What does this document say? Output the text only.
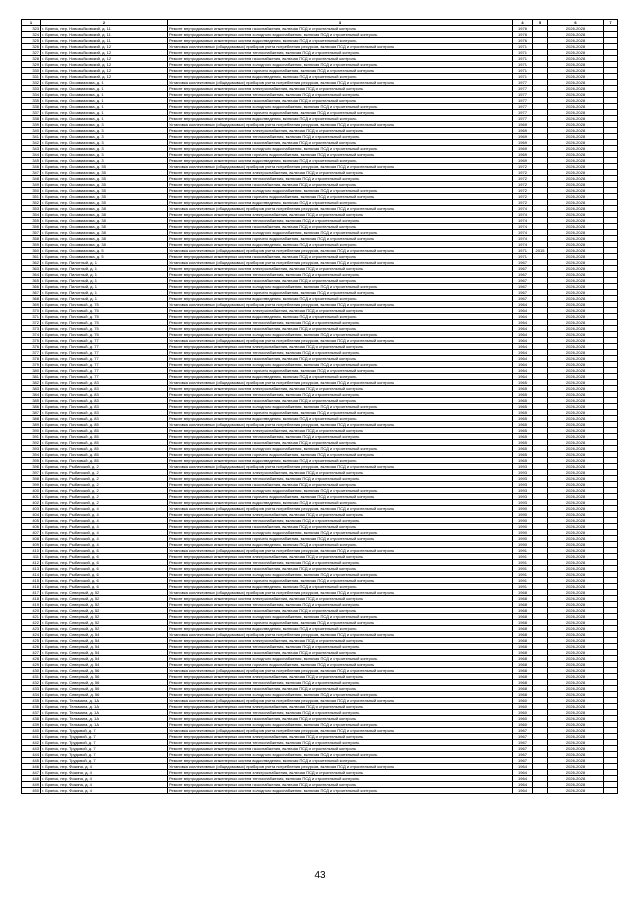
1	2	3	4	5	6	7
323	г. Брянск, пер. Новозыбковский, д. 11	Ремонт внутридомовых инженерных систем газоснабжения, включая ПСД и строительный контроль	1976		2026-2028	
324	г. Брянск, пер. Новозыбковский, д. 11	Ремонт внутридомовых инженерных систем холодного водоснабжения, включая ПСД и строительный контроль	1976		2026-2028	
325	г. Брянск, пер. Новозыбковский, д. 11	Ремонт внутридомовых инженерных систем водоотведения, включая ПСД и строительный контроль	1976		2026-2028	
326	г. Брянск, пер. Новозыбковский, д. 12	Установка коллективных (общедомовых) приборов учета потребления ресурсов, включая ПСД и строительный контроль	1971		2026-2028	
327	г. Брянск, пер. Новозыбковский, д. 12	Ремонт внутридомовых инженерных систем теплоснабжения, включая ПСД и строительный контроль	1971		2026-2028	
328	г. Брянск, пер. Новозыбковский, д. 12	Ремонт внутридомовых инженерных систем газоснабжения, включая ПСД и строительный контроль	1971		2026-2028	
329	г. Брянск, пер. Новозыбковский, д. 12	Ремонт внутридомовых инженерных систем холодного водоснабжения, включая ПСД и строительный контроль	1971		2026-2028	
330	г. Брянск, пер. Новозыбковский, д. 12	Ремонт внутридомовых инженерных систем горячего водоснабжения, включая ПСД и строительный контроль	1971		2026-2028	
331	г. Брянск, пер. Новозыбковский, д. 12	Ремонт внутридомовых инженерных систем водоотведения, включая ПСД и строительный контроль	1971		2026-2028	
332	г. Брянск, пер. Осоавиахима, д. 1	Установка коллективных (общедомовых) приборов учета потребления ресурсов, включая ПСД и строительный контроль	1977		2026-2028	
333	г. Брянск, пер. Осоавиахима, д. 1	Ремонт внутридомовых инженерных систем электроснабжения, включая ПСД и строительный контроль	1977		2026-2028	
334	г. Брянск, пер. Осоавиахима, д. 1	Ремонт внутридомовых инженерных систем теплоснабжения, включая ПСД и строительный контроль	1977		2026-2028	
335	г. Брянск, пер. Осоавиахима, д. 1	Ремонт внутридомовых инженерных систем газоснабжения, включая ПСД и строительный контроль	1977		2026-2028	
336	г. Брянск, пер. Осоавиахима, д. 1	Ремонт внутридомовых инженерных систем холодного водоснабжения, включая ПСД и строительный контроль	1977		2026-2028	
337	г. Брянск, пер. Осоавиахима, д. 1	Ремонт внутридомовых инженерных систем горячего водоснабжения, включая ПСД и строительный контроль	1977		2026-2028	
338	г. Брянск, пер. Осоавиахима, д. 1	Ремонт внутридомовых инженерных систем водоотведения, включая ПСД и строительный контроль	1977		2026-2028	
339	г. Брянск, пер. Осоавиахима, д. 3	Установка коллективных (общедомовых) приборов учета потребления ресурсов, включая ПСД и строительный контроль	1969		2026-2028	
340	г. Брянск, пер. Осоавиахима, д. 3	Ремонт внутридомовых инженерных систем электроснабжения, включая ПСД и строительный контроль	1969		2026-2028	
341	г. Брянск, пер. Осоавиахима, д. 3	Ремонт внутридомовых инженерных систем теплоснабжения, включая ПСД и строительный контроль	1969		2026-2028	
342	г. Брянск, пер. Осоавиахима, д. 3	Ремонт внутридомовых инженерных систем газоснабжения, включая ПСД и строительный контроль	1969		2026-2028	
343	г. Брянск, пер. Осоавиахима, д. 3	Ремонт внутридомовых инженерных систем холодного водоснабжения, включая ПСД и строительный контроль	1969		2026-2028	
344	г. Брянск, пер. Осоавиахима, д. 3	Ремонт внутридомовых инженерных систем горячего водоснабжения, включая ПСД и строительный контроль	1969		2026-2028	
345	г. Брянск, пер. Осоавиахима, д. 3	Ремонт внутридомовых инженерных систем водоотведения, включая ПСД и строительный контроль	1969		2026-2028	
346	г. Брянск, пер. Осоавиахима, д. 35	Установка коллективных (общедомовых) приборов учета потребления ресурсов, включая ПСД и строительный контроль	1972		2026-2028	
347	г. Брянск, пер. Осоавиахима, д. 35	Ремонт внутридомовых инженерных систем электроснабжения, включая ПСД и строительный контроль	1972		2026-2028	
348	г. Брянск, пер. Осоавиахима, д. 35	Ремонт внутридомовых инженерных систем теплоснабжения, включая ПСД и строительный контроль	1972		2026-2028	
349	г. Брянск, пер. Осоавиахима, д. 35	Ремонт внутридомовых инженерных систем газоснабжения, включая ПСД и строительный контроль	1972		2026-2028	
350	г. Брянск, пер. Осоавиахима, д. 35	Ремонт внутридомовых инженерных систем холодного водоснабжения, включая ПСД и строительный контроль	1972		2026-2028	
351	г. Брянск, пер. Осоавиахима, д. 35	Ремонт внутридомовых инженерных систем горячего водоснабжения, включая ПСД и строительный контроль	1972		2026-2028	
352	г. Брянск, пер. Осоавиахима, д. 35	Ремонт внутридомовых инженерных систем водоотведения, включая ПСД и строительный контроль	1972		2026-2028	
353	г. Брянск, пер. Осоавиахима, д. 38	Установка коллективных (общедомовых) приборов учета потребления ресурсов, включая ПСД и строительный контроль	1974		2026-2028	
354	г. Брянск, пер. Осоавиахима, д. 38	Ремонт внутридомовых инженерных систем электроснабжения, включая ПСД и строительный контроль	1974		2026-2028	
355	г. Брянск, пер. Осоавиахима, д. 38	Ремонт внутридомовых инженерных систем теплоснабжения, включая ПСД и строительный контроль	1974		2026-2028	
356	г. Брянск, пер. Осоавиахима, д. 38	Ремонт внутридомовых инженерных систем газоснабжения, включая ПСД и строительный контроль	1974		2026-2028	
357	г. Брянск, пер. Осоавиахима, д. 38	Ремонт внутридомовых инженерных систем холодного водоснабжения, включая ПСД и строительный контроль	1974		2026-2028	
358	г. Брянск, пер. Осоавиахима, д. 38	Ремонт внутридомовых инженерных систем горячего водоснабжения, включая ПСД и строительный контроль	1974		2026-2028	
359	г. Брянск, пер. Осоавиахима, д. 38	Ремонт внутридомовых инженерных систем водоотведения, включая ПСД и строительный контроль	1974		2026-2028	
360	г. Брянск, пер. Осоавиахима, д. 5	Установка коллективных (общедомовых) приборов учета потребления ресурсов, включая ПСД и строительный контроль	1971	2015	2026-2028	
361	г. Брянск, пер. Осоавиахима, д. 5	Ремонт внутридомовых инженерных систем газоснабжения, включая ПСД и строительный контроль	1971		2026-2028	
362	г. Брянск, пер. Пилотный, д. 1	Установка коллективных (общедомовых) приборов учета потребления ресурсов, включая ПСД и строительный контроль	1967		2026-2028	
363	г. Брянск, пер. Пилотный, д. 1	Ремонт внутридомовых инженерных систем электроснабжения, включая ПСД и строительный контроль	1967		2026-2028	
364	г. Брянск, пер. Пилотный, д. 1	Ремонт внутридомовых инженерных систем теплоснабжения, включая ПСД и строительный контроль	1967		2026-2028	
365	г. Брянск, пер. Пилотный, д. 1	Ремонт внутридомовых инженерных систем газоснабжения, включая ПСД и строительный контроль	1967		2026-2028	
366	г. Брянск, пер. Пилотный, д. 1	Ремонт внутридомовых инженерных систем холодного водоснабжения, включая ПСД и строительный контроль	1967		2026-2028	
367	г. Брянск, пер. Пилотный, д. 1	Ремонт внутридомовых инженерных систем горячего водоснабжения, включая ПСД и строительный контроль	1967		2026-2028	
368	г. Брянск, пер. Пилотный, д. 1	Ремонт внутридомовых инженерных систем водоотведения, включая ПСД и строительный контроль	1967		2026-2028	
369	г. Брянск, пер. Почтовый, д. 75	Установка коллективных (общедомовых) приборов учета потребления ресурсов, включая ПСД и строительный контроль	1964		2026-2028	
370	г. Брянск, пер. Почтовый, д. 75	Ремонт внутридомовых инженерных систем электроснабжения, включая ПСД и строительный контроль	1964		2026-2028	
371	г. Брянск, пер. Почтовый, д. 75	Ремонт внутридомовых инженерных систем водоотведения, включая ПСД и строительный контроль	1964		2026-2028	
372	г. Брянск, пер. Почтовый, д. 75	Ремонт внутридомовых инженерных систем теплоснабжения, включая ПСД и строительный контроль	1964		2026-2028	
373	г. Брянск, пер. Почтовый, д. 75	Ремонт внутридомовых инженерных систем газоснабжения, включая ПСД и строительный контроль	1964		2026-2028	
374	г. Брянск, пер. Почтовый, д. 75	Ремонт внутридомовых инженерных систем холодного водоснабжения, включая ПСД и строительный контроль	1964		2026-2028	
375	г. Брянск, пер. Почтовый, д. 77	Установка коллективных (общедомовых) приборов учета потребления ресурсов, включая ПСД и строительный контроль	1964		2026-2028	
376	г. Брянск, пер. Почтовый, д. 77	Ремонт внутридомовых инженерных систем электроснабжения, включая ПСД и строительный контроль	1964		2026-2028	
377	г. Брянск, пер. Почтовый, д. 77	Ремонт внутридомовых инженерных систем теплоснабжения, включая ПСД и строительный контроль	1964		2026-2028	
378	г. Брянск, пер. Почтовый, д. 77	Ремонт внутридомовых инженерных систем газоснабжения, включая ПСД и строительный контроль	1964		2026-2028	
379	г. Брянск, пер. Почтовый, д. 77	Ремонт внутридомовых инженерных систем холодного водоснабжения, включая ПСД и строительный контроль	1964		2026-2028	
380	г. Брянск, пер. Почтовый, д. 77	Ремонт внутридомовых инженерных систем горячего водоснабжения, включая ПСД и строительный контроль	1964		2026-2028	
381	г. Брянск, пер. Почтовый, д. 77	Ремонт внутридомовых инженерных систем водоотведения, включая ПСД и строительный контроль	1964		2026-2028	
382	г. Брянск, пер. Почтовый, д. 83	Установка коллективных (общедомовых) приборов учета потребления ресурсов, включая ПСД и строительный контроль	1965		2026-2028	
383	г. Брянск, пер. Почтовый, д. 83	Ремонт внутридомовых инженерных систем электроснабжения, включая ПСД и строительный контроль	1965		2026-2028	
384	г. Брянск, пер. Почтовый, д. 83	Ремонт внутридомовых инженерных систем теплоснабжения, включая ПСД и строительный контроль	1965		2026-2028	
385	г. Брянск, пер. Почтовый, д. 83	Ремонт внутридомовых инженерных систем газоснабжения, включая ПСД и строительный контроль	1965		2026-2028	
386	г. Брянск, пер. Почтовый, д. 83	Ремонт внутридомовых инженерных систем холодного водоснабжения, включая ПСД и строительный контроль	1965		2026-2028	
387	г. Брянск, пер. Почтовый, д. 83	Ремонт внутридомовых инженерных систем горячего водоснабжения, включая ПСД и строительный контроль	1965		2026-2028	
388	г. Брянск, пер. Почтовый, д. 83	Ремонт внутридомовых инженерных систем водоотведения, включая ПСД и строительный контроль	1965		2026-2028	
389	г. Брянск, пер. Почтовый, д. 85	Установка коллективных (общедомовых) приборов учета потребления ресурсов, включая ПСД и строительный контроль	1965		2026-2028	
390	г. Брянск, пер. Почтовый, д. 85	Ремонт внутридомовых инженерных систем электроснабжения, включая ПСД и строительный контроль	1965		2026-2028	
391	г. Брянск, пер. Почтовый, д. 85	Ремонт внутридомовых инженерных систем теплоснабжения, включая ПСД и строительный контроль	1965		2026-2028	
392	г. Брянск, пер. Почтовый, д. 85	Ремонт внутридомовых инженерных систем газоснабжения, включая ПСД и строительный контроль	1965		2026-2028	
393	г. Брянск, пер. Почтовый, д. 85	Ремонт внутридомовых инженерных систем холодного водоснабжения, включая ПСД и строительный контроль	1965		2026-2028	
394	г. Брянск, пер. Почтовый, д. 85	Ремонт внутридомовых инженерных систем горячего водоснабжения, включая ПСД и строительный контроль	1965		2026-2028	
395	г. Брянск, пер. Почтовый, д. 85	Ремонт внутридомовых инженерных систем водоотведения, включая ПСД и строительный контроль	1965		2026-2028	
396	г. Брянск, пер. Рыбинский, д. 2	Установка коллективных (общедомовых) приборов учета потребления ресурсов, включая ПСД и строительный контроль	1993		2026-2028	
397	г. Брянск, пер. Рыбинский, д. 2	Ремонт внутридомовых инженерных систем электроснабжения, включая ПСД и строительный контроль	1993		2026-2028	
398	г. Брянск, пер. Рыбинский, д. 2	Ремонт внутридомовых инженерных систем теплоснабжения, включая ПСД и строительный контроль	1993		2026-2028	
399	г. Брянск, пер. Рыбинский, д. 2	Ремонт внутридомовых инженерных систем газоснабжения, включая ПСД и строительный контроль	1993		2026-2028	
400	г. Брянск, пер. Рыбинский, д. 2	Ремонт внутридомовых инженерных систем холодного водоснабжения, включая ПСД и строительный контроль	1993		2026-2028	
401	г. Брянск, пер. Рыбинский, д. 2	Ремонт внутридомовых инженерных систем горячего водоснабжения, включая ПСД и строительный контроль	1993		2026-2028	
402	г. Брянск, пер. Рыбинский, д. 2	Ремонт внутридомовых инженерных систем водоотведения, включая ПСД и строительный контроль	1993		2026-2028	
403	г. Брянск, пер. Рыбинский, д. 4	Установка коллективных (общедомовых) приборов учета потребления ресурсов, включая ПСД и строительный контроль	1990		2026-2028	
404	г. Брянск, пер. Рыбинский, д. 4	Ремонт внутридомовых инженерных систем электроснабжения, включая ПСД и строительный контроль	1990		2026-2028	
405	г. Брянск, пер. Рыбинский, д. 4	Ремонт внутридомовых инженерных систем теплоснабжения, включая ПСД и строительный контроль	1990		2026-2028	
406	г. Брянск, пер. Рыбинский, д. 4	Ремонт внутридомовых инженерных систем газоснабжения, включая ПСД и строительный контроль	1990		2026-2028	
407	г. Брянск, пер. Рыбинский, д. 4	Ремонт внутридомовых инженерных систем холодного водоснабжения, включая ПСД и строительный контроль	1990		2026-2028	
408	г. Брянск, пер. Рыбинский, д. 4	Ремонт внутридомовых инженерных систем горячего водоснабжения, включая ПСД и строительный контроль	1990		2026-2028	
409	г. Брянск, пер. Рыбинский, д. 4	Ремонт внутридомовых инженерных систем водоотведения, включая ПСД и строительный контроль	1990		2026-2028	
410	г. Брянск, пер. Рыбинский, д. 6	Установка коллективных (общедомовых) приборов учета потребления ресурсов, включая ПСД и строительный контроль	1991		2026-2028	
411	г. Брянск, пер. Рыбинский, д. 6	Ремонт внутридомовых инженерных систем электроснабжения, включая ПСД и строительный контроль	1991		2026-2028	
412	г. Брянск, пер. Рыбинский, д. 6	Ремонт внутридомовых инженерных систем теплоснабжения, включая ПСД и строительный контроль	1991		2026-2028	
413	г. Брянск, пер. Рыбинский, д. 6	Ремонт внутридомовых инженерных систем газоснабжения, включая ПСД и строительный контроль	1991		2026-2028	
414	г. Брянск, пер. Рыбинский, д. 6	Ремонт внутридомовых инженерных систем холодного водоснабжения, включая ПСД и строительный контроль	1991		2026-2028	
415	г. Брянск, пер. Рыбинский, д. 6	Ремонт внутридомовых инженерных систем горячего водоснабжения, включая ПСД и строительный контроль	1991		2026-2028	
416	г. Брянск, пер. Рыбинский, д. 6	Ремонт внутридомовых инженерных систем водоотведения, включая ПСД и строительный контроль	1991		2026-2028	
417	г. Брянск, пер. Северный, д. 52	Установка коллективных (общедомовых) приборов учета потребления ресурсов, включая ПСД и строительный контроль	1968		2026-2028	
418	г. Брянск, пер. Северный, д. 52	Ремонт внутридомовых инженерных систем электроснабжения, включая ПСД и строительный контроль	1968		2026-2028	
419	г. Брянск, пер. Северный, д. 52	Ремонт внутридомовых инженерных систем теплоснабжения, включая ПСД и строительный контроль	1968		2026-2028	
420	г. Брянск, пер. Северный, д. 52	Ремонт внутридомовых инженерных систем газоснабжения, включая ПСД и строительный контроль	1968		2026-2028	
421	г. Брянск, пер. Северный, д. 52	Ремонт внутридомовых инженерных систем холодного водоснабжения, включая ПСД и строительный контроль	1968		2026-2028	
422	г. Брянск, пер. Северный, д. 52	Ремонт внутридомовых инженерных систем горячего водоснабжения, включая ПСД и строительный контроль	1968		2026-2028	
423	г. Брянск, пер. Северный, д. 52	Ремонт внутридомовых инженерных систем водоотведения, включая ПСД и строительный контроль	1968		2026-2028	
424	г. Брянск, пер. Северный, д. 54	Установка коллективных (общедомовых) приборов учета потребления ресурсов, включая ПСД и строительный контроль	1968		2026-2028	
425	г. Брянск, пер. Северный, д. 54	Ремонт внутридомовых инженерных систем электроснабжения, включая ПСД и строительный контроль	1968		2026-2028	
426	г. Брянск, пер. Северный, д. 54	Ремонт внутридомовых инженерных систем теплоснабжения, включая ПСД и строительный контроль	1968		2026-2028	
427	г. Брянск, пер. Северный, д. 54	Ремонт внутридомовых инженерных систем газоснабжения, включая ПСД и строительный контроль	1968		2026-2028	
428	г. Брянск, пер. Северный, д. 54	Ремонт внутридомовых инженерных систем холодного водоснабжения, включая ПСД и строительный контроль	1968		2026-2028	
429	г. Брянск, пер. Северный, д. 54	Ремонт внутридомовых инженерных систем горячего водоснабжения, включая ПСД и строительный контроль	1968		2026-2028	
430	г. Брянск, пер. Северный, д. 56	Установка коллективных (общедомовых) приборов учета потребления ресурсов, включая ПСД и строительный контроль	1968		2026-2028	
431	г. Брянск, пер. Северный, д. 56	Ремонт внутридомовых инженерных систем электроснабжения, включая ПСД и строительный контроль	1968		2026-2028	
432	г. Брянск, пер. Северный, д. 56	Ремонт внутридомовых инженерных систем теплоснабжения, включая ПСД и строительный контроль	1968		2026-2028	
433	г. Брянск, пер. Северный, д. 56	Ремонт внутридомовых инженерных систем газоснабжения, включая ПСД и строительный контроль	1968		2026-2028	
434	г. Брянск, пер. Северный, д. 56	Ремонт внутридомовых инженерных систем холодного водоснабжения, включая ПСД и строительный контроль	1968		2026-2028	
435	г. Брянск, пер. Тельмана, д. 1А	Установка коллективных (общедомовых) приборов учета потребления ресурсов, включая ПСД и строительный контроль	1960		2026-2028	
436	г. Брянск, пер. Тельмана, д. 1А	Ремонт внутридомовых инженерных систем электроснабжения, включая ПСД и строительный контроль	1960		2026-2028	
437	г. Брянск, пер. Тельмана, д. 1А	Ремонт внутридомовых инженерных систем теплоснабжения, включая ПСД и строительный контроль	1960		2026-2028	
438	г. Брянск, пер. Тельмана, д. 1А	Ремонт внутридомовых инженерных систем газоснабжения, включая ПСД и строительный контроль	1960		2026-2028	
439	г. Брянск, пер. Тельмана, д. 1А	Ремонт внутридомовых инженерных систем холодного водоснабжения, включая ПСД и строительный контроль	1960		2026-2028	
440	г. Брянск, пер. Трудовой, д. 7	Установка коллективных (общедомовых) приборов учета потребления ресурсов, включая ПСД и строительный контроль	1967		2026-2028	
441	г. Брянск, пер. Трудовой, д. 7	Ремонт внутридомовых инженерных систем электроснабжения, включая ПСД и строительный контроль	1967		2026-2028	
442	г. Брянск, пер. Трудовой, д. 7	Ремонт внутридомовых инженерных систем теплоснабжения, включая ПСД и строительный контроль	1967		2026-2028	
443	г. Брянск, пер. Трудовой, д. 7	Ремонт внутридомовых инженерных систем газоснабжения, включая ПСД и строительный контроль	1967		2026-2028	
444	г. Брянск, пер. Трудовой, д. 7	Ремонт внутридомовых инженерных систем холодного водоснабжения, включая ПСД и строительный контроль	1967		2026-2028	
445	г. Брянск, пер. Трудовой, д. 7	Ремонт внутридомовых инженерных систем водоотведения, включая ПСД и строительный контроль	1967		2026-2028	
446	г. Брянск, пер. Фокина, д. 4	Установка коллективных (общедомовых) приборов учета потребления ресурсов, включая ПСД и строительный контроль	1964		2026-2028	
447	г. Брянск, пер. Фокина, д. 4	Ремонт внутридомовых инженерных систем электроснабжения, включая ПСД и строительный контроль	1964		2026-2028	
448	г. Брянск, пер. Фокина, д. 4	Ремонт внутридомовых инженерных систем теплоснабжения, включая ПСД и строительный контроль	1964		2026-2028	
449	г. Брянск, пер. Фокина, д. 4	Ремонт внутридомовых инженерных систем газоснабжения, включая ПСД и строительный контроль	1964		2026-2028	
450	г. Брянск, пер. Фокина, д. 4	Ремонт внутридомовых инженерных систем холодного водоснабжения, включая ПСД и строительный контроль	1964		2026-2028	
43
